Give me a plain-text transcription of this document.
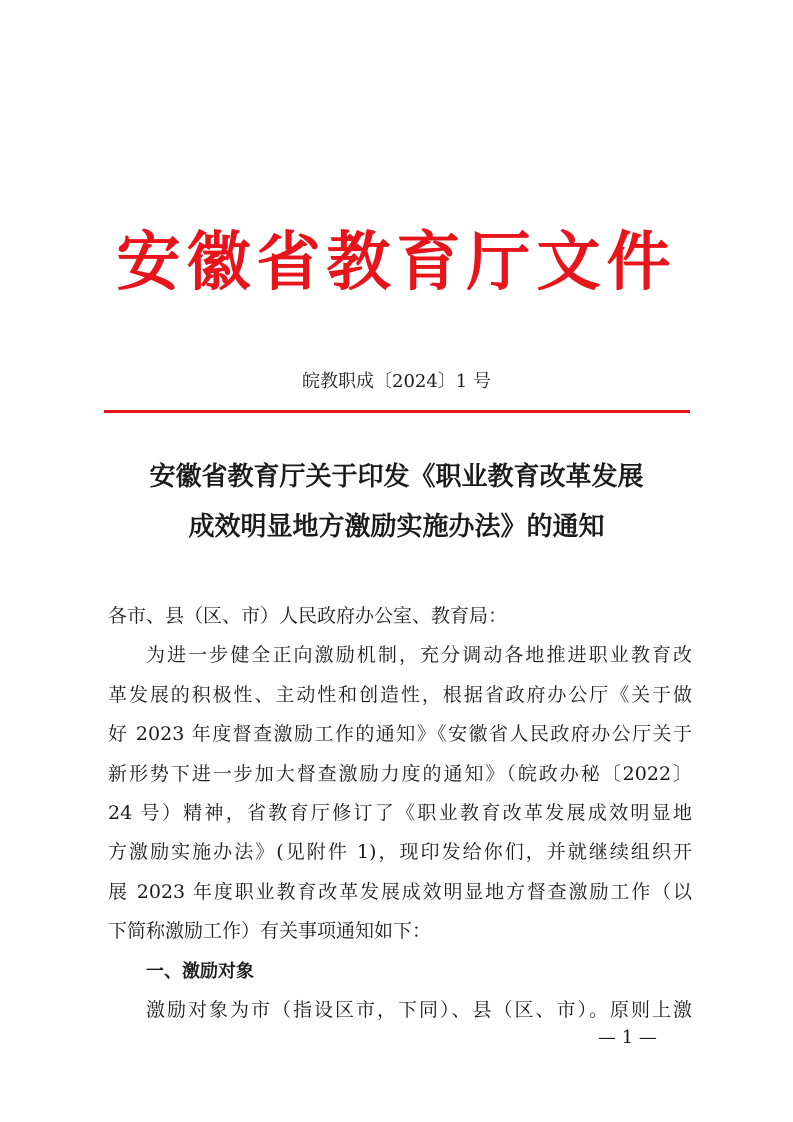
安徽省教育厅文件
皖教职成〔2024〕1 号
安徽省教育厅关于印发《职业教育改革发展
成效明显地方激励实施办法》的通知
各市、县（区、市）人民政府办公室、教育局：
为进一步健全正向激励机制，充分调动各地推进职业教育改
革发展的积极性、主动性和创造性，根据省政府办公厅《关于做
好 2023 年度督查激励工作的通知》《安徽省人民政府办公厅关于
新形势下进一步加大督查激励力度的通知》（皖政办秘〔2022〕
24 号）精神，省教育厅修订了《职业教育改革发展成效明显地
方激励实施办法》(见附件 1)，现印发给你们，并就继续组织开
展 2023 年度职业教育改革发展成效明显地方督查激励工作（以
下简称激励工作）有关事项通知如下：
一、激励对象
激励对象为市（指设区市，下同）、县（区、市）。原则上激
— 1 —
